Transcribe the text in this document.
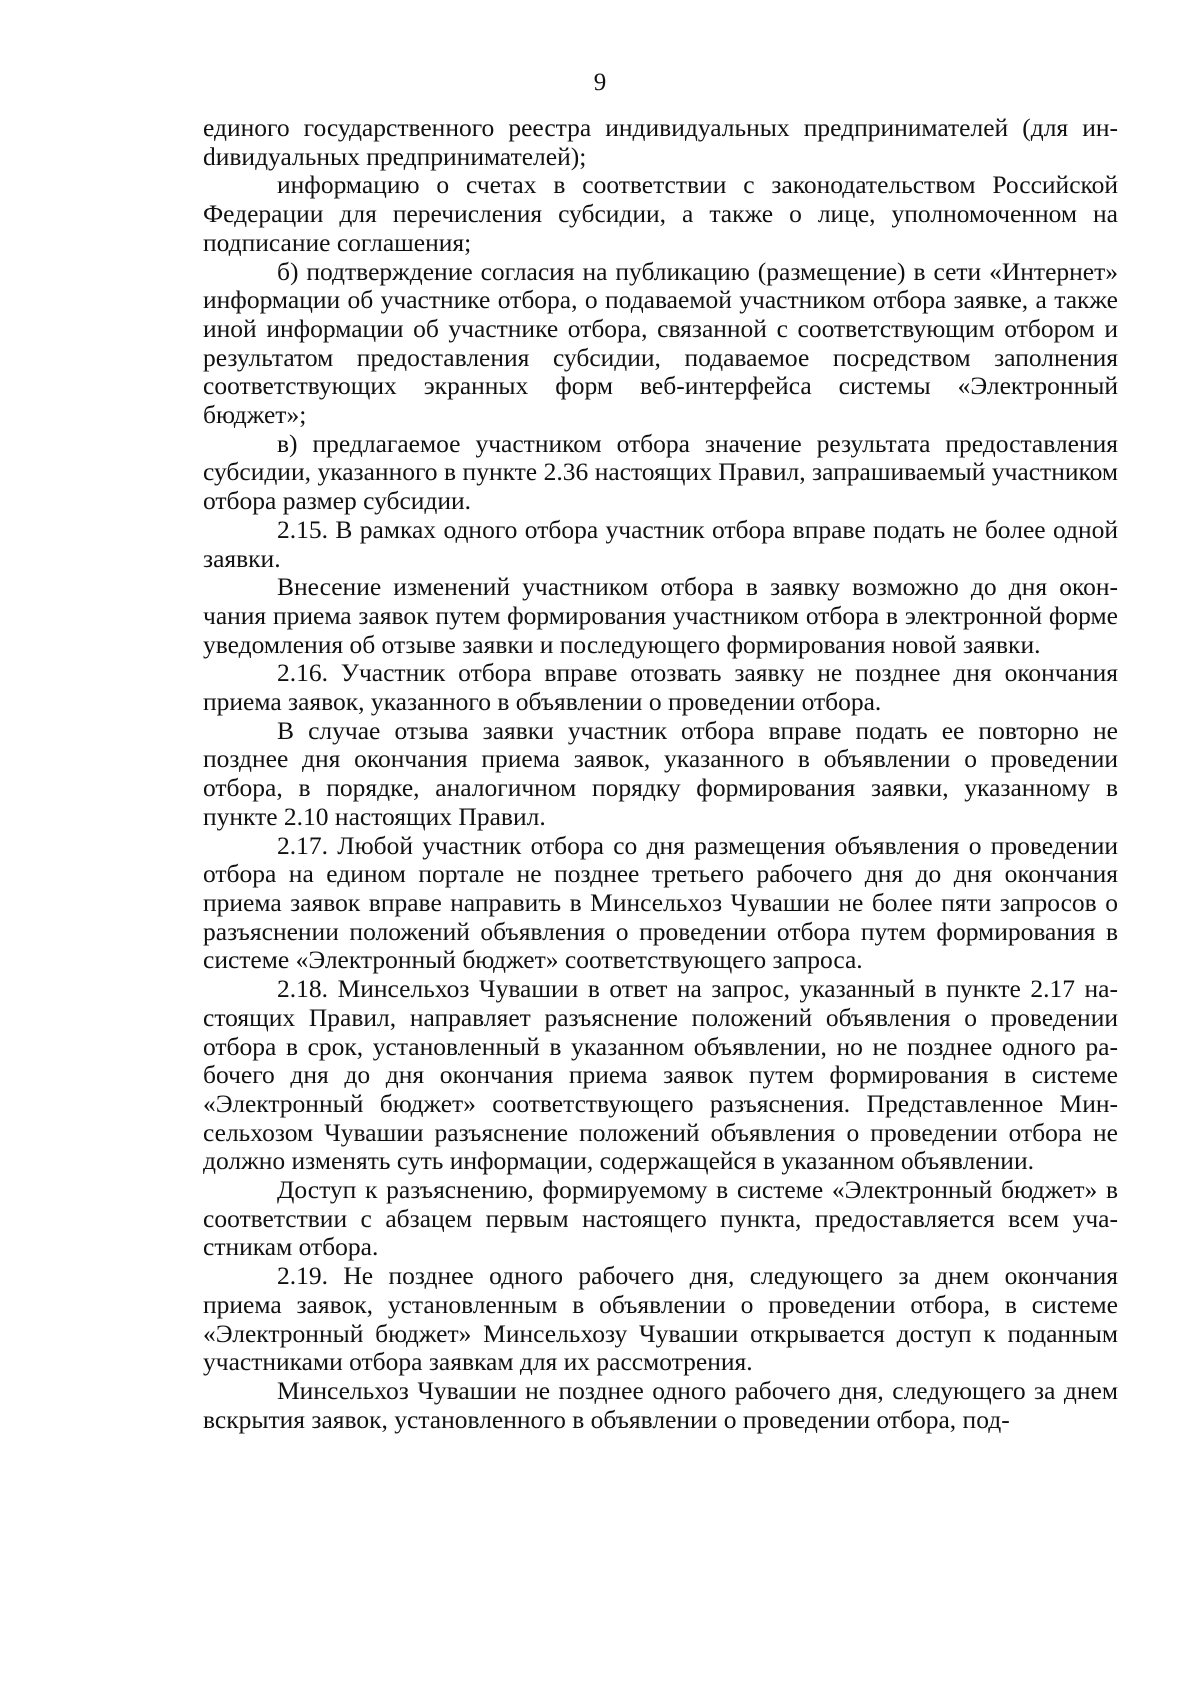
9

единого государственного реестра индивидуальных предпринимателей (для инdивидуальных предпринимателей);

информацию о счетах в соответствии с законодательством Российской Федерации для перечисления субсидии, а также о лице, уполномоченном на подписание соглашения;

б) подтверждение согласия на публикацию (размещение) в сети «Интернет» информации об участнике отбора, о подаваемой участником отбора заявке, а также иной информации об участнике отбора, связанной с соответствующим отбором и результатом предоставления субсидии, подаваемое посредством заполнения соответствующих экранных форм веб-интерфейса системы «Электронный бюджет»;

в) предлагаемое участником отбора значение результата предоставления субсидии, указанного в пункте 2.36 настоящих Правил, запрашиваемый участником отбора размер субсидии.

2.15. В рамках одного отбора участник отбора вправе подать не более одной заявки.

Внесение изменений участником отбора в заявку возможно до дня окончания приема заявок путем формирования участником отбора в электронной форме уведомления об отзыве заявки и последующего формирования новой заявки.

2.16. Участник отбора вправе отозвать заявку не позднее дня окончания приема заявок, указанного в объявлении о проведении отбора.

В случае отзыва заявки участник отбора вправе подать ее повторно не позднее дня окончания приема заявок, указанного в объявлении о проведении отбора, в порядке, аналогичном порядку формирования заявки, указанному в пункте 2.10 настоящих Правил.

2.17. Любой участник отбора со дня размещения объявления о проведении отбора на едином портале не позднее третьего рабочего дня до дня окончания приема заявок вправе направить в Минсельхоз Чувашии не более пяти запросов о разъяснении положений объявления о проведении отбора путем формирования в системе «Электронный бюджет» соответствующего запроса.

2.18. Минсельхоз Чувашии в ответ на запрос, указанный в пункте 2.17 настоящих Правил, направляет разъяснение положений объявления о проведении отбора в срок, установленный в указанном объявлении, но не позднее одного рабочего дня до дня окончания приема заявок путем формирования в системе «Электронный бюджет» соответствующего разъяснения. Представленное Минсельхозом Чувашии разъяснение положений объявления о проведении отбора не должно изменять суть информации, содержащейся в указанном объявлении.

Доступ к разъяснению, формируемому в системе «Электронный бюджет» в соответствии с абзацем первым настоящего пункта, предоставляется всем участникам отбора.

2.19. Не позднее одного рабочего дня, следующего за днем окончания приема заявок, установленным в объявлении о проведении отбора, в системе «Электронный бюджет» Минсельхозу Чувашии открывается доступ к поданным участниками отбора заявкам для их рассмотрения.

Минсельхоз Чувашии не позднее одного рабочего дня, следующего за днем вскрытия заявок, установленного в объявлении о проведении отбора, под-
